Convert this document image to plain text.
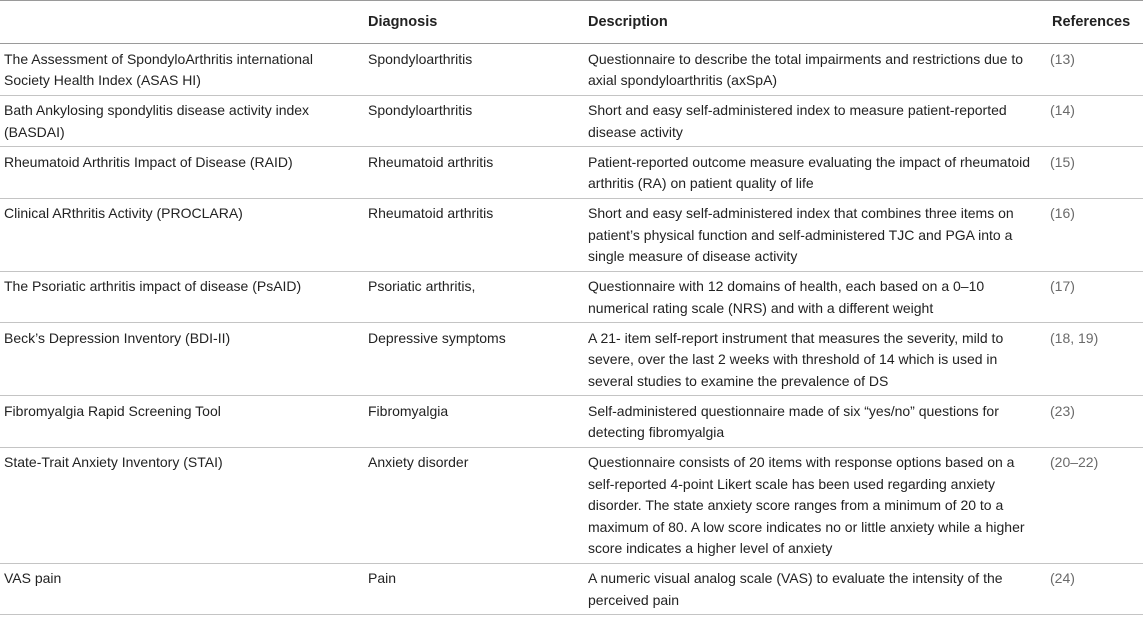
	Diagnosis	Description	References
The Assessment of SpondyloArthritis international Society Health Index (ASAS HI)	Spondyloarthritis	Questionnaire to describe the total impairments and restrictions due to axial spondyloarthritis (axSpA)	(13)
Bath Ankylosing spondylitis disease activity index (BASDAI)	Spondyloarthritis	Short and easy self-administered index to measure patient-reported disease activity	(14)
Rheumatoid Arthritis Impact of Disease (RAID)	Rheumatoid arthritis	Patient-reported outcome measure evaluating the impact of rheumatoid arthritis (RA) on patient quality of life	(15)
Clinical ARthritis Activity (PROCLARA)	Rheumatoid arthritis	Short and easy self-administered index that combines three items on patient’s physical function and self-administered TJC and PGA into a single measure of disease activity	(16)
The Psoriatic arthritis impact of disease (PsAID)	Psoriatic arthritis,	Questionnaire with 12 domains of health, each based on a 0–10 numerical rating scale (NRS) and with a different weight	(17)
Beck’s Depression Inventory (BDI-II)	Depressive symptoms	A 21- item self-report instrument that measures the severity, mild to severe, over the last 2 weeks with threshold of 14 which is used in several studies to examine the prevalence of DS	(18, 19)
Fibromyalgia Rapid Screening Tool	Fibromyalgia	Self-administered questionnaire made of six “yes/no” questions for detecting fibromyalgia	(23)
State-Trait Anxiety Inventory (STAI)	Anxiety disorder	Questionnaire consists of 20 items with response options based on a self-reported 4-point Likert scale has been used regarding anxiety disorder. The state anxiety score ranges from a minimum of 20 to a maximum of 80. A low score indicates no or little anxiety while a higher score indicates a higher level of anxiety	(20–22)
VAS pain	Pain	A numeric visual analog scale (VAS) to evaluate the intensity of the perceived pain	(24)
